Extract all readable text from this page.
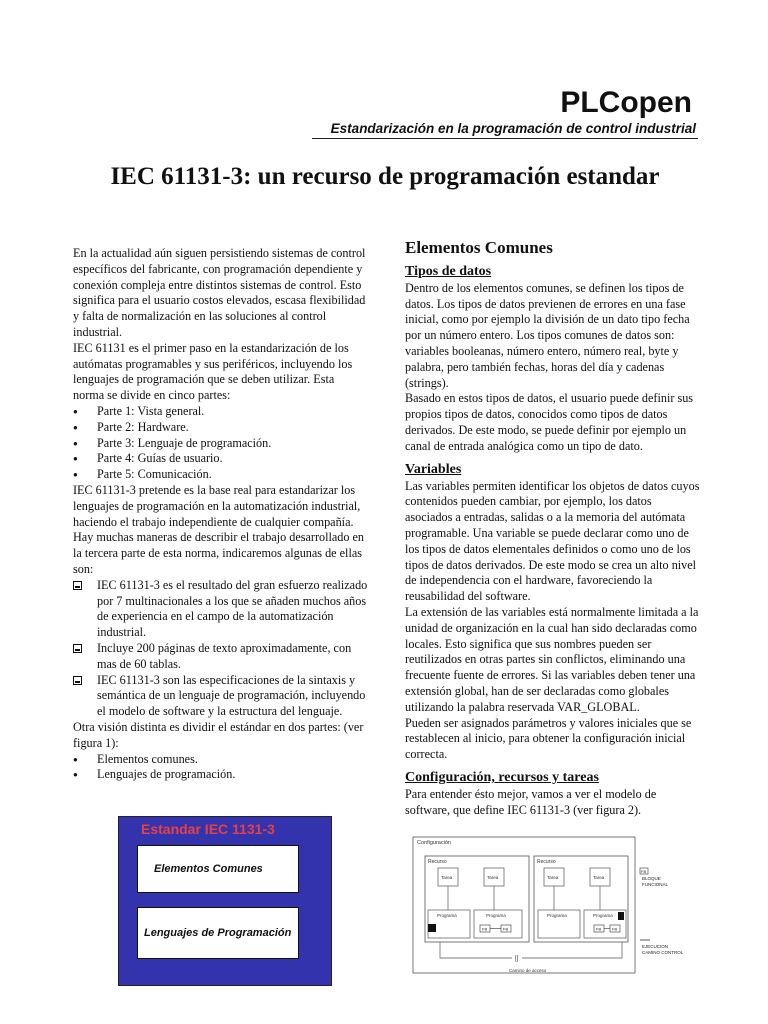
PLCopen
Estandarización en la programación de control industrial
IEC 61131-3: un recurso de programación estandar

En la actualidad aún siguen persistiendo sistemas de control específicos del fabricante, con programación dependiente y conexión compleja entre distintos sistemas de control. Esto significa para el usuario costos elevados, escasa flexibilidad y falta de normalización en las soluciones al control industrial.

IEC 61131 es el primer paso en la estandarización de los autómatas programables y sus periféricos, incluyendo los lenguajes de programación que se deben utilizar. Esta norma se divide en cinco partes:

● Parte 1: Vista general.
● Parte 2: Hardware.
● Parte 3: Lenguaje de programación.
● Parte 4: Guías de usuario.
● Parte 5: Comunicación.

IEC 61131-3 pretende es la base real para estandarizar los lenguajes de programación en la automatización industrial, haciendo el trabajo independiente de cualquier compañía.

Hay muchas maneras de describir el trabajo desarrollado en la tercera parte de esta norma, indicaremos algunas de ellas son:

IEC 61131-3 es el resultado del gran esfuerzo realizado por 7 multinacionales a los que se añaden muchos años de experiencia en el campo de la automatización industrial.
Incluye 200 páginas de texto aproximadamente, con mas de 60 tablas.
IEC 61131-3 son las especificaciones de la sintaxis y semántica de un lenguaje de programación, incluyendo el modelo de software y la estructura del lenguaje.

Otra visión distinta es dividir el estándar en dos partes: (ver figura 1):

● Elementos comunes.
● Lenguajes de programación.
Estandar IEC 1131-3
Elementos Comunes
Lenguajes de Programación
Elementos Comunes
Tipos de datos

Dentro de los elementos comunes, se definen los tipos de datos. Los tipos de datos previenen de errores en una fase inicial, como por ejemplo la división de un dato tipo fecha por un número entero. Los tipos comunes de datos son: variables booleanas, número entero, número real, byte y palabra, pero también fechas, horas del día y cadenas (strings).

Basado en estos tipos de datos, el usuario puede definir sus propios tipos de datos, conocidos como tipos de datos derivados. De este modo, se puede definir por ejemplo un canal de entrada analógica como un tipo de dato.

Variables

Las variables permiten identificar los objetos de datos cuyos contenidos pueden cambiar, por ejemplo, los datos asociados a entradas, salidas o a la memoria del autómata programable. Una variable se puede declarar como uno de los tipos de datos elementales definidos o como uno de los tipos de datos derivados. De este modo se crea un alto nivel de independencia con el hardware, favoreciendo la reusabilidad del software.

La extensión de las variables está normalmente limitada a la unidad de organización en la cual han sido declaradas como locales. Esto significa que sus nombres pueden ser reutilizados en otras partes sin conflictos, eliminando una frecuente fuente de errores. Si las variables deben tener una extensión global, han de ser declaradas como globales utilizando la palabra reservada VAR_GLOBAL.

Pueden ser asignados parámetros y valores iniciales que se restablecen al inicio, para obtener la configuración inicial correcta.

Configuración, recursos y tareas

Para entender ésto mejor, vamos a ver el modelo de software, que define IEC 61131-3 (ver figura 2).

Configuración
Recurso	Recurso
Tarea	Tarea	Tarea	Tarea
Programa	Programa	Programa	Programa
FB	FB	FB	FB
[]
Camino de acceso
FB
BLOQUE
FUNCIONAL
EJECUCION
CAMINO CONTROL
